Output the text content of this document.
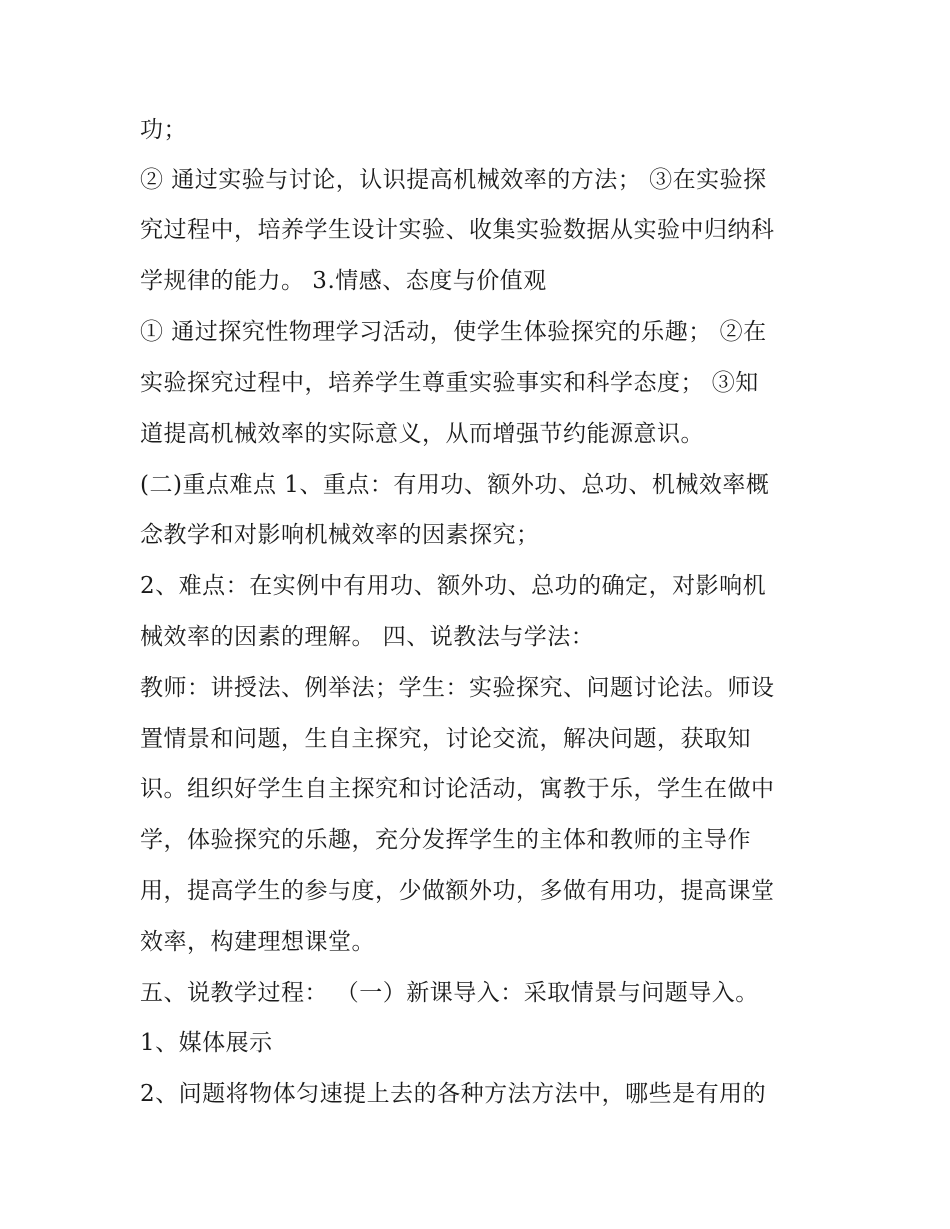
功；
② 通过实验与讨论，认识提高机械效率的方法； ③在实验探
究过程中，培养学生设计实验、收集实验数据从实验中归纳科
学规律的能力。 3.情感、态度与价值观
① 通过探究性物理学习活动，使学生体验探究的乐趣； ②在
实验探究过程中，培养学生尊重实验事实和科学态度； ③知
道提高机械效率的实际意义，从而增强节约能源意识。
(二)重点难点 1、重点：有用功、额外功、总功、机械效率概
念教学和对影响机械效率的因素探究；
2、难点：在实例中有用功、额外功、总功的确定，对影响机
械效率的因素的理解。 四、说教法与学法：
教师：讲授法、例举法；学生：实验探究、问题讨论法。师设
置情景和问题，生自主探究，讨论交流，解决问题，获取知
识。组织好学生自主探究和讨论活动，寓教于乐，学生在做中
学，体验探究的乐趣，充分发挥学生的主体和教师的主导作
用，提高学生的参与度，少做额外功，多做有用功，提高课堂
效率，构建理想课堂。
五、说教学过程： （一）新课导入：采取情景与问题导入。
1、媒体展示
2、问题将物体匀速提上去的各种方法方法中，哪些是有用的
